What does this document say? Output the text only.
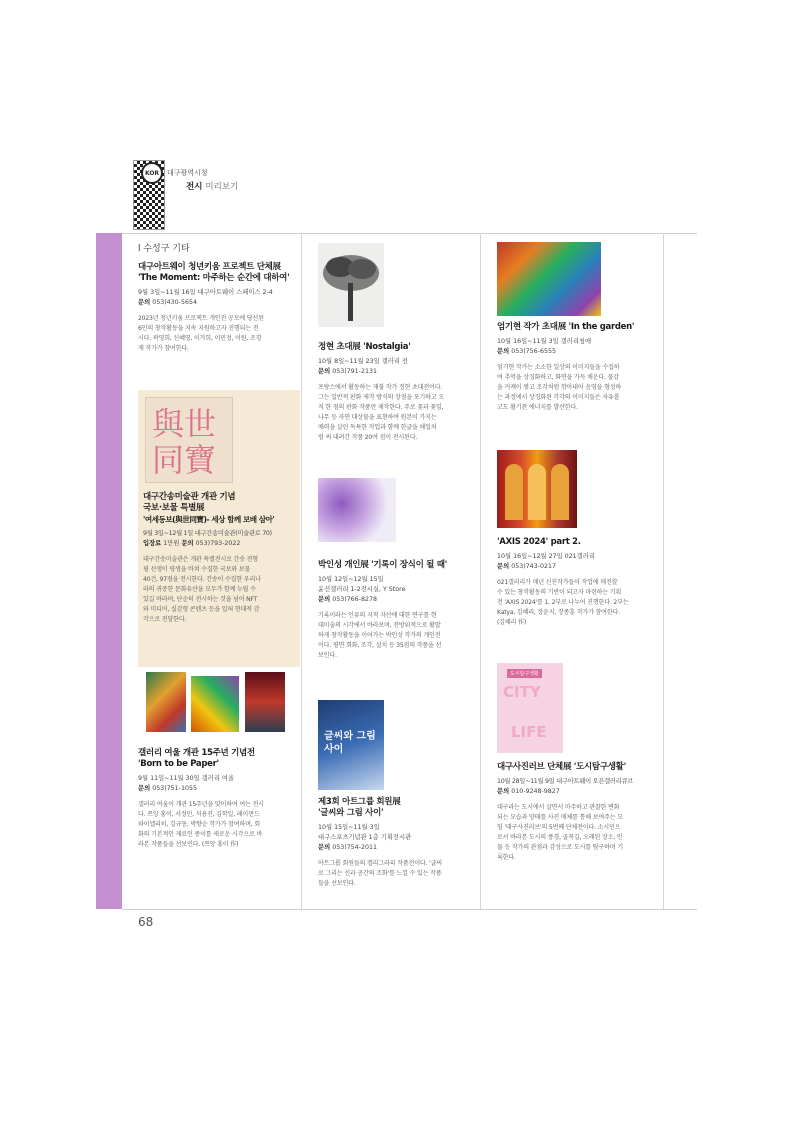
KOR	대구광역시청
전시 미리보기
68
l 수성구 기타
대구아트웨이 청년키움 프로젝트 단체展
'The Moment: 마주하는 순간에 대하여'
9월 3일~11월 16일 대구아트웨이 스페이스 2-4
문의 053)430-5654
2023년 청년키움 프로젝트 개인전 공모에 당선된
6인의 창작활동을 지속 지원하고자 진행되는 전
시다. 곽영희, 신혜영, 이가희, 이민정, 이원, 조경
재 작가가 참여한다.
與世同寶
대구간송미술관 개관 기념
국보·보물 특별展
'여세동보(與世同寶)- 세상 함께 보배 삼아'
9월 3일~12월 1일 대구간송미술관(미술관로 70)
입장료 1만원 문의 053)793-2022
대구간송미술관은 개관 특별전시로 간송 전형
필 선생이 평생을 바쳐 수집한 국보와 보물
40건, 97점을 전시한다. 간송이 수집한 우리나
라의 귀중한 문화유산을 모두가 함께 누릴 수
있길 바라며, 단순히 전시하는 것을 넘어 NFT
와 미디어, 실감형 콘텐츠 등을 입혀 현대적 감
각으로 전달한다.
갤러리 여울 개관 15주년 기념전
'Born to be Paper'
9월 11일~11월 30일 갤러리 여울
문의 053)751-1055
갤러리 여울이 개관 15주년을 맞이하여 여는 전시
다. 쯔앙 홍이, 서정민, 석용진, 김학일, 레이먼드
와이엘리히, 김규동, 박향순 작가가 참여하며, 회
화의 기본적인 재료인 종이를 새로운 시각으로 바
라본 작품들을 선보인다. (쯔앙 홍이 作)
정현 초대展 'Nostalgia'
10월 8일~11월 23일 갤러리 전
문의 053)791-2131
프랑스에서 활동하는 재불 작가 정현 초대전이다.
그는 일반적 판화 제작 방식의 장점을 포기하고 오
직 한 점의 판화 작품만 제작한다. 주로 꽃과 꽃잎,
나무 등 자연 대상물을 표현하여 원본이 가지는
매력을 살린 독특한 작업과 함께 한글을 해얼처
럼 써 내려간 작품 20여 점이 전시된다.
박인성 개인展 '기록이 장식이 될 때'
10월 12일~12월 15일
윤선갤러리 1-2전시실, Y Store
문의 053)766-8278
기록이라는 인류의 지적 자산에 대한 연구를 현
대미술의 시각에서 바라보며, 전방위적으로 활발
하게 창작활동을 이어가는 박인성 작가의 개인전
이다. 평면 회화, 조각, 설치 등 35점의 작품을 선
보인다.
글씨와 그림 사이
제3회 아트그룹 회원展
'글씨와 그림 사이'
10월 15일~11월 3일
대구스포츠기념관 1층 기획전시관
문의 053)754-2011
아트그룹 회원들의 캘리그라피 작품전이다. '글씨
로 그리는 선과 공간의 조화'를 느낄 수 있는 작품
들을 선보인다.
엄기현 작가 초대展 'In the garden'
10월 16일~11월 3일 갤러리청애
문의 053)756-6555
엄기현 작가는 소소한 일상의 이미지들을 수집하
여 추억을 상징화하고, 화면을 가득 채운다. 물감
을 커케이 쌓고 조각처럼 깎아내어 음영을 형성하
는 과정에서 상징화된 각각의 이미지들은 자유롭
고도 활기찬 에너지를 발산한다.
'AXIS 2024' part 2.
10월 16일~12월 27일 021갤러리
문의 053)743-0217
021갤러리가 매년 신진작가들이 작업에 매진할
수 있는 창작활동의 기반이 되고자 마련하는 기획
전 'AXIS 2024'를 1, 2부로 나누어 진행한다. 2부는
Katya, 김혜리, 장윤지, 장종훈 작가가 참여한다.
(김혜리 作)
도시탐구생활
CITY
LIFE
대구사진러브 단체展 '도시탐구생활'
10월 28일~11월 9일 대구아트웨이 오픈갤러리큐브
문의 010-9248-9827
대구라는 도시에서 살면서 마주하고 관찰한 변화
되는 모습과 양태를 사진 매체를 통해 보여주는 모
임 '대구사진러브'의 5번째 단체전이다. 소시민으
로서 바라본 도시의 풍경, 골목길, 오래된 장소, 인
물 등 작가의 관점과 감성으로 도시를 탐구하며 기
록한다.
